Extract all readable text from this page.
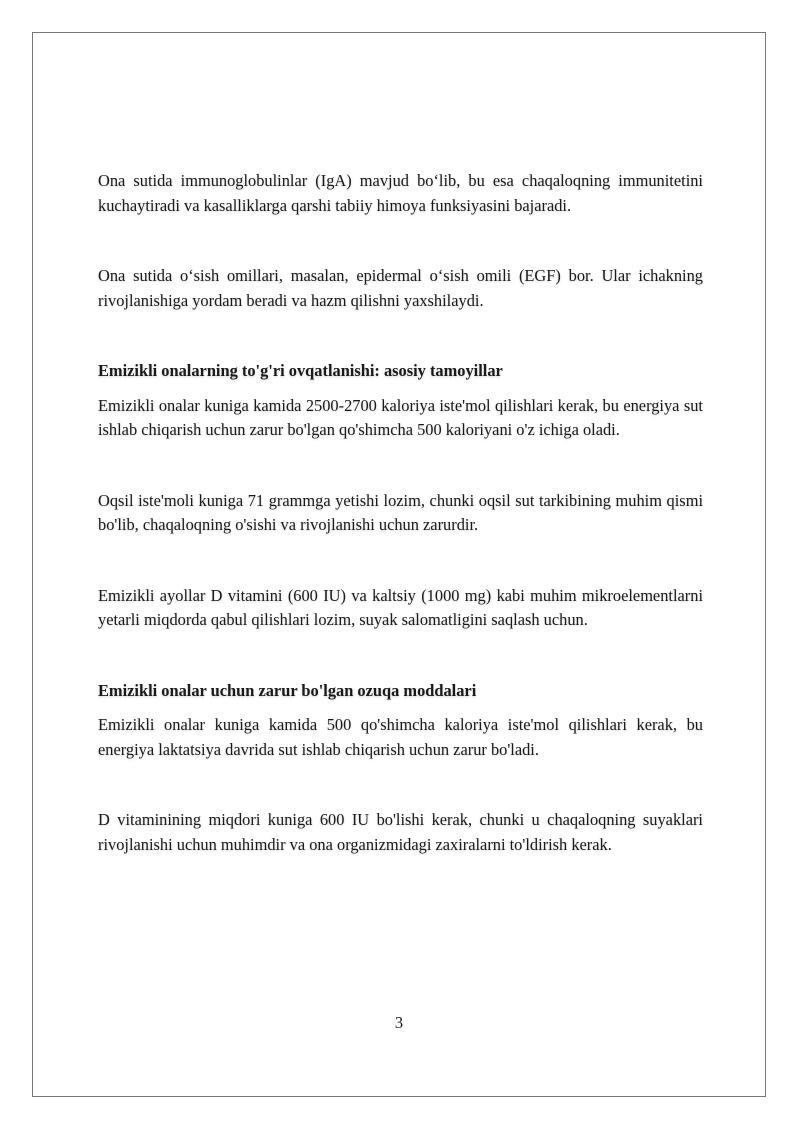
Ona sutida immunoglobulinlar (IgA) mavjud bo‘lib, bu esa chaqaloqning immunitetini kuchaytiradi va kasalliklarga qarshi tabiiy himoya funksiyasini bajaradi.

Ona sutida o‘sish omillari, masalan, epidermal o‘sish omili (EGF) bor. Ular ichakning rivojlanishiga yordam beradi va hazm qilishni yaxshilaydi.

Emizikli onalarning to'g'ri ovqatlanishi: asosiy tamoyillar

Emizikli onalar kuniga kamida 2500-2700 kaloriya iste'mol qilishlari kerak, bu energiya sut ishlab chiqarish uchun zarur bo'lgan qo'shimcha 500 kaloriyani o'z ichiga oladi.

Oqsil iste'moli kuniga 71 grammga yetishi lozim, chunki oqsil sut tarkibining muhim qismi bo'lib, chaqaloqning o'sishi va rivojlanishi uchun zarurdir.

Emizikli ayollar D vitamini (600 IU) va kaltsiy (1000 mg) kabi muhim mikroelementlarni yetarli miqdorda qabul qilishlari lozim, suyak salomatligini saqlash uchun.

Emizikli onalar uchun zarur bo'lgan ozuqa moddalari

Emizikli onalar kuniga kamida 500 qo'shimcha kaloriya iste'mol qilishlari kerak, bu energiya laktatsiya davrida sut ishlab chiqarish uchun zarur bo'ladi.

D vitaminining miqdori kuniga 600 IU bo'lishi kerak, chunki u chaqaloqning suyaklari rivojlanishi uchun muhimdir va ona organizmidagi zaxiralarni to'ldirish kerak.

3
